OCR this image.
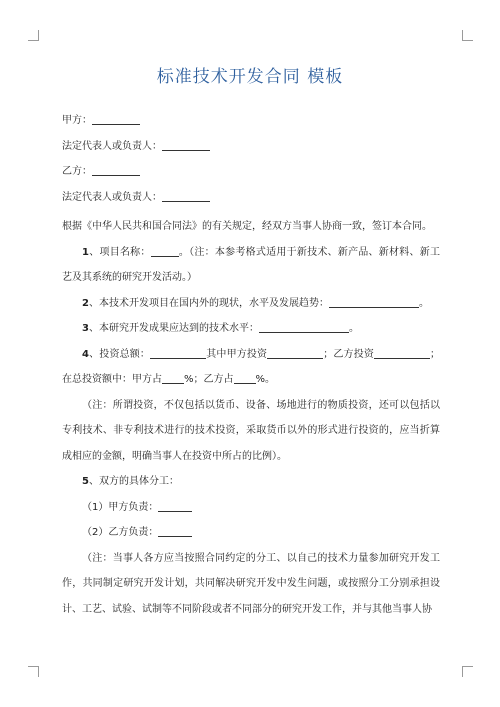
标准技术开发合同 模板
甲方：
法定代表人或负责人：
乙方：
法定代表人或负责人：
根据《中华人民共和国合同法》的有关规定，经双方当事人协商一致，签订本合同。
1、项目名称：	。（注：本参考格式适用于新技术、新产品、新材料、新工艺及其系统的研究开发活动。）
2、本技术开发项目在国内外的现状，水平及发展趋势：	。
3、本研究开发成果应达到的技术水平：	。
4、投资总额：	其中甲方投资	；乙方投资	；在总投资额中：甲方占 %；乙方占 %。
（注：所谓投资，不仅包括以货币、设备、场地进行的物质投资，还可以包括以专利技术、非专利技术进行的技术投资，采取货币以外的形式进行投资的，应当折算成相应的金额，明确当事人在投资中所占的比例）。
5、双方的具体分工：
（1）甲方负责：
（2）乙方负责：
（注：当事人各方应当按照合同约定的分工、以自己的技术力量参加研究开发工作，共同制定研究开发计划，共同解决研究开发中发生问题，或按照分工分别承担设计、工艺、试验、试制等不同阶段或者不同部分的研究开发工作，并与其他当事人协
